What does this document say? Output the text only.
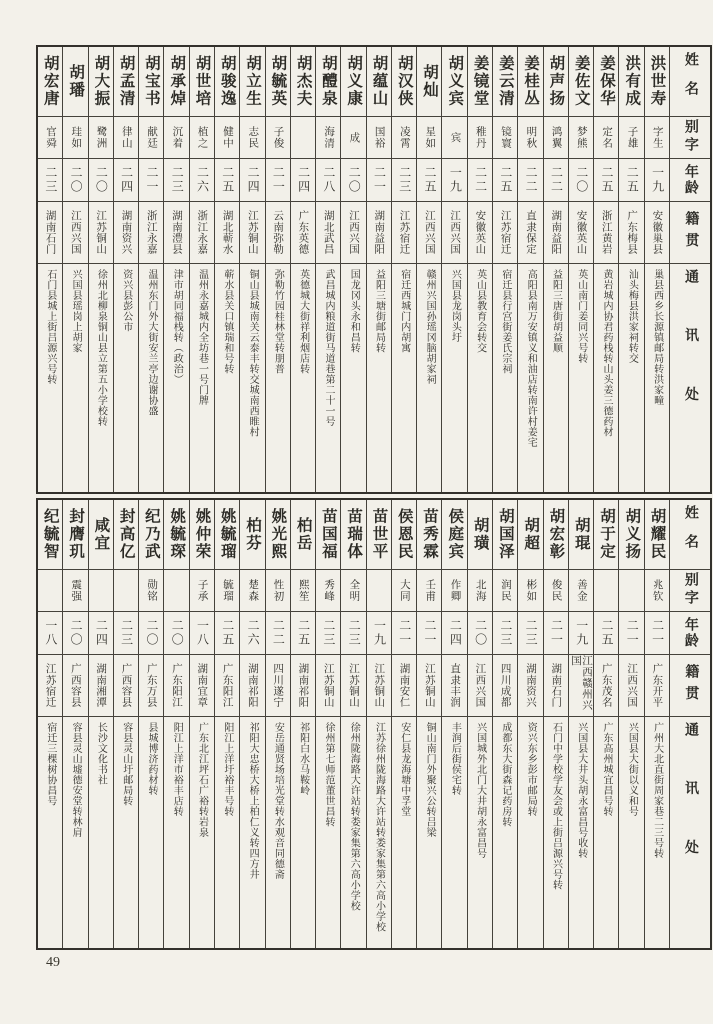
姓名
别字
年龄
籍贯
通讯处
洪世寿
字生
一九
安徽巢县
巢县西乡长源镇邮局转洪家疃
洪有成
子雄
二五
广东梅县
汕头梅县洪家祠转交
姜保华
定名
二五
浙江黄岩
黄岩城内协君药栈转山头姜三德药材
姜佐文
梦熊
二〇
安徽英山
英山南门姜同兴号转
胡声扬
鸿翼
二二
湖南益阳
益阳三唐街胡益顺
姜桂丛
明秋
二二
直隶保定
高阳县南万安镇义和油店转南许村姜宅
姜云清
镜寰
二五
江苏宿迁
宿迁县行宫街姜氏宗祠
姜镜堂
稚丹
二二
安徽英山
英山县教育会转交
胡义宾
宾
一九
江西兴国
兴国县龙岗头圩
胡灿
星如
二五
江西兴国
赣州兴国孙瑶冈脑胡家祠
胡汉侠
凌霄
二三
江苏宿迁
宿迁西城门内胡寓
胡蕴山
国裕
二一
湖南益阳
益阳三塘街邮局转
胡义康
成
二〇
江西兴国
国龙冈头永和昌转
胡醴泉
海清
二八
湖北武昌
武昌城内粮道街马道巷第二十一号
胡杰夫
二四
广东英德
英德城大街祥利烟店转
胡毓英
子俊
二一
云南弥勒
弥勒竹园桂林堂转朋普
胡立生
志民
二四
江苏铜山
铜山县城南关云泰丰转交城南西睢村
胡骏逸
健中
二五
湖北蕲水
蕲水县关口镇瑞和号转
胡世培
植之
二六
浙江永嘉
温州永嘉城内全坊巷一号门牌
胡承焯
沉着
二三
湖南澧县
津市胡同福栈转（政治）
胡宝书
献廷
二一
浙江永嘉
温州东门外大街安兰亭边谢协盛
胡孟清
律山
二四
湖南资兴
资兴县彭公市
胡大振
鹭洲
二〇
江苏铜山
徐州北柳泉铜山县立第五小学校转
胡璠
珪如
二〇
江西兴国
兴国县瑶岗上胡家
胡宏唐
官舜
二三
湖南石门
石门县城上街吕源兴号转
姓名
别字
年龄
籍贯
通讯处
胡耀民
兆钦
二一
广东开平
广州大北直街周家巷二三号转
胡义扬
二一
江西兴国
兴国县大街以义和号
胡于定
二五
广东茂名
广东高州城宜昌号转
胡琨
善金
一九
江西赣州兴国
兴国县大井头胡永富昌号收转
胡宏彰
俊民
二一
湖南石门
石门中学校学友会或上街吕源兴号转
胡超
彬如
二三
湖南资兴
资兴东乡彭市邮局转
胡国泽
润民
二三
四川成都
成都东大街森记药房转
胡璜
北海
二〇
江西兴国
兴国城外北门大井胡永富昌号
侯庭宾
作卿
二四
直隶丰润
丰润后街侯宅转
苗秀霖
壬甫
二一
江苏铜山
铜山南门外聚兴公转吕梁
侯恩民
大同
二一
湖南安仁
安仁县龙海塘中孚堂
苗世平
一九
江苏铜山
江苏徐州陇海路大许站转娄家集第六高小学校
苗瑞体
全明
二三
江苏铜山
徐州陇海路大许站转娄家集第六高小学校
苗国福
秀峰
二三
江苏铜山
徐州第七师范董世昌转
柏岳
熙笙
二五
湖南祁阳
祁阳白水马鞍岭
姚光熙
性初
二二
四川遂宁
安岳通贤场培光堂转水观音同德斋
柏芬
楚森
二六
湖南祁阳
祁阳大忠桥大桥上柏仁义转四方井
姚毓瑠
毓瑠
二五
广东阳江
阳江上洋圩裕丰号转
姚仲荣
子承
一八
湖南宜章
广东北江坪石广裕转岩泉
姚毓琛
二〇
广东阳江
阳江上洋市裕丰店转
纪乃武
勋铭
二〇
广东万县
县城博济药材转
封高亿
二三
广西容县
容县灵山圩邮局转
咸宜
二四
湖南湘潭
长沙文化书社
封膺玑
震强
二〇
广西容县
容县灵山墟德安堂转林肩
纪毓智
一八
江苏宿迁
宿迁三棵树协昌号
49
